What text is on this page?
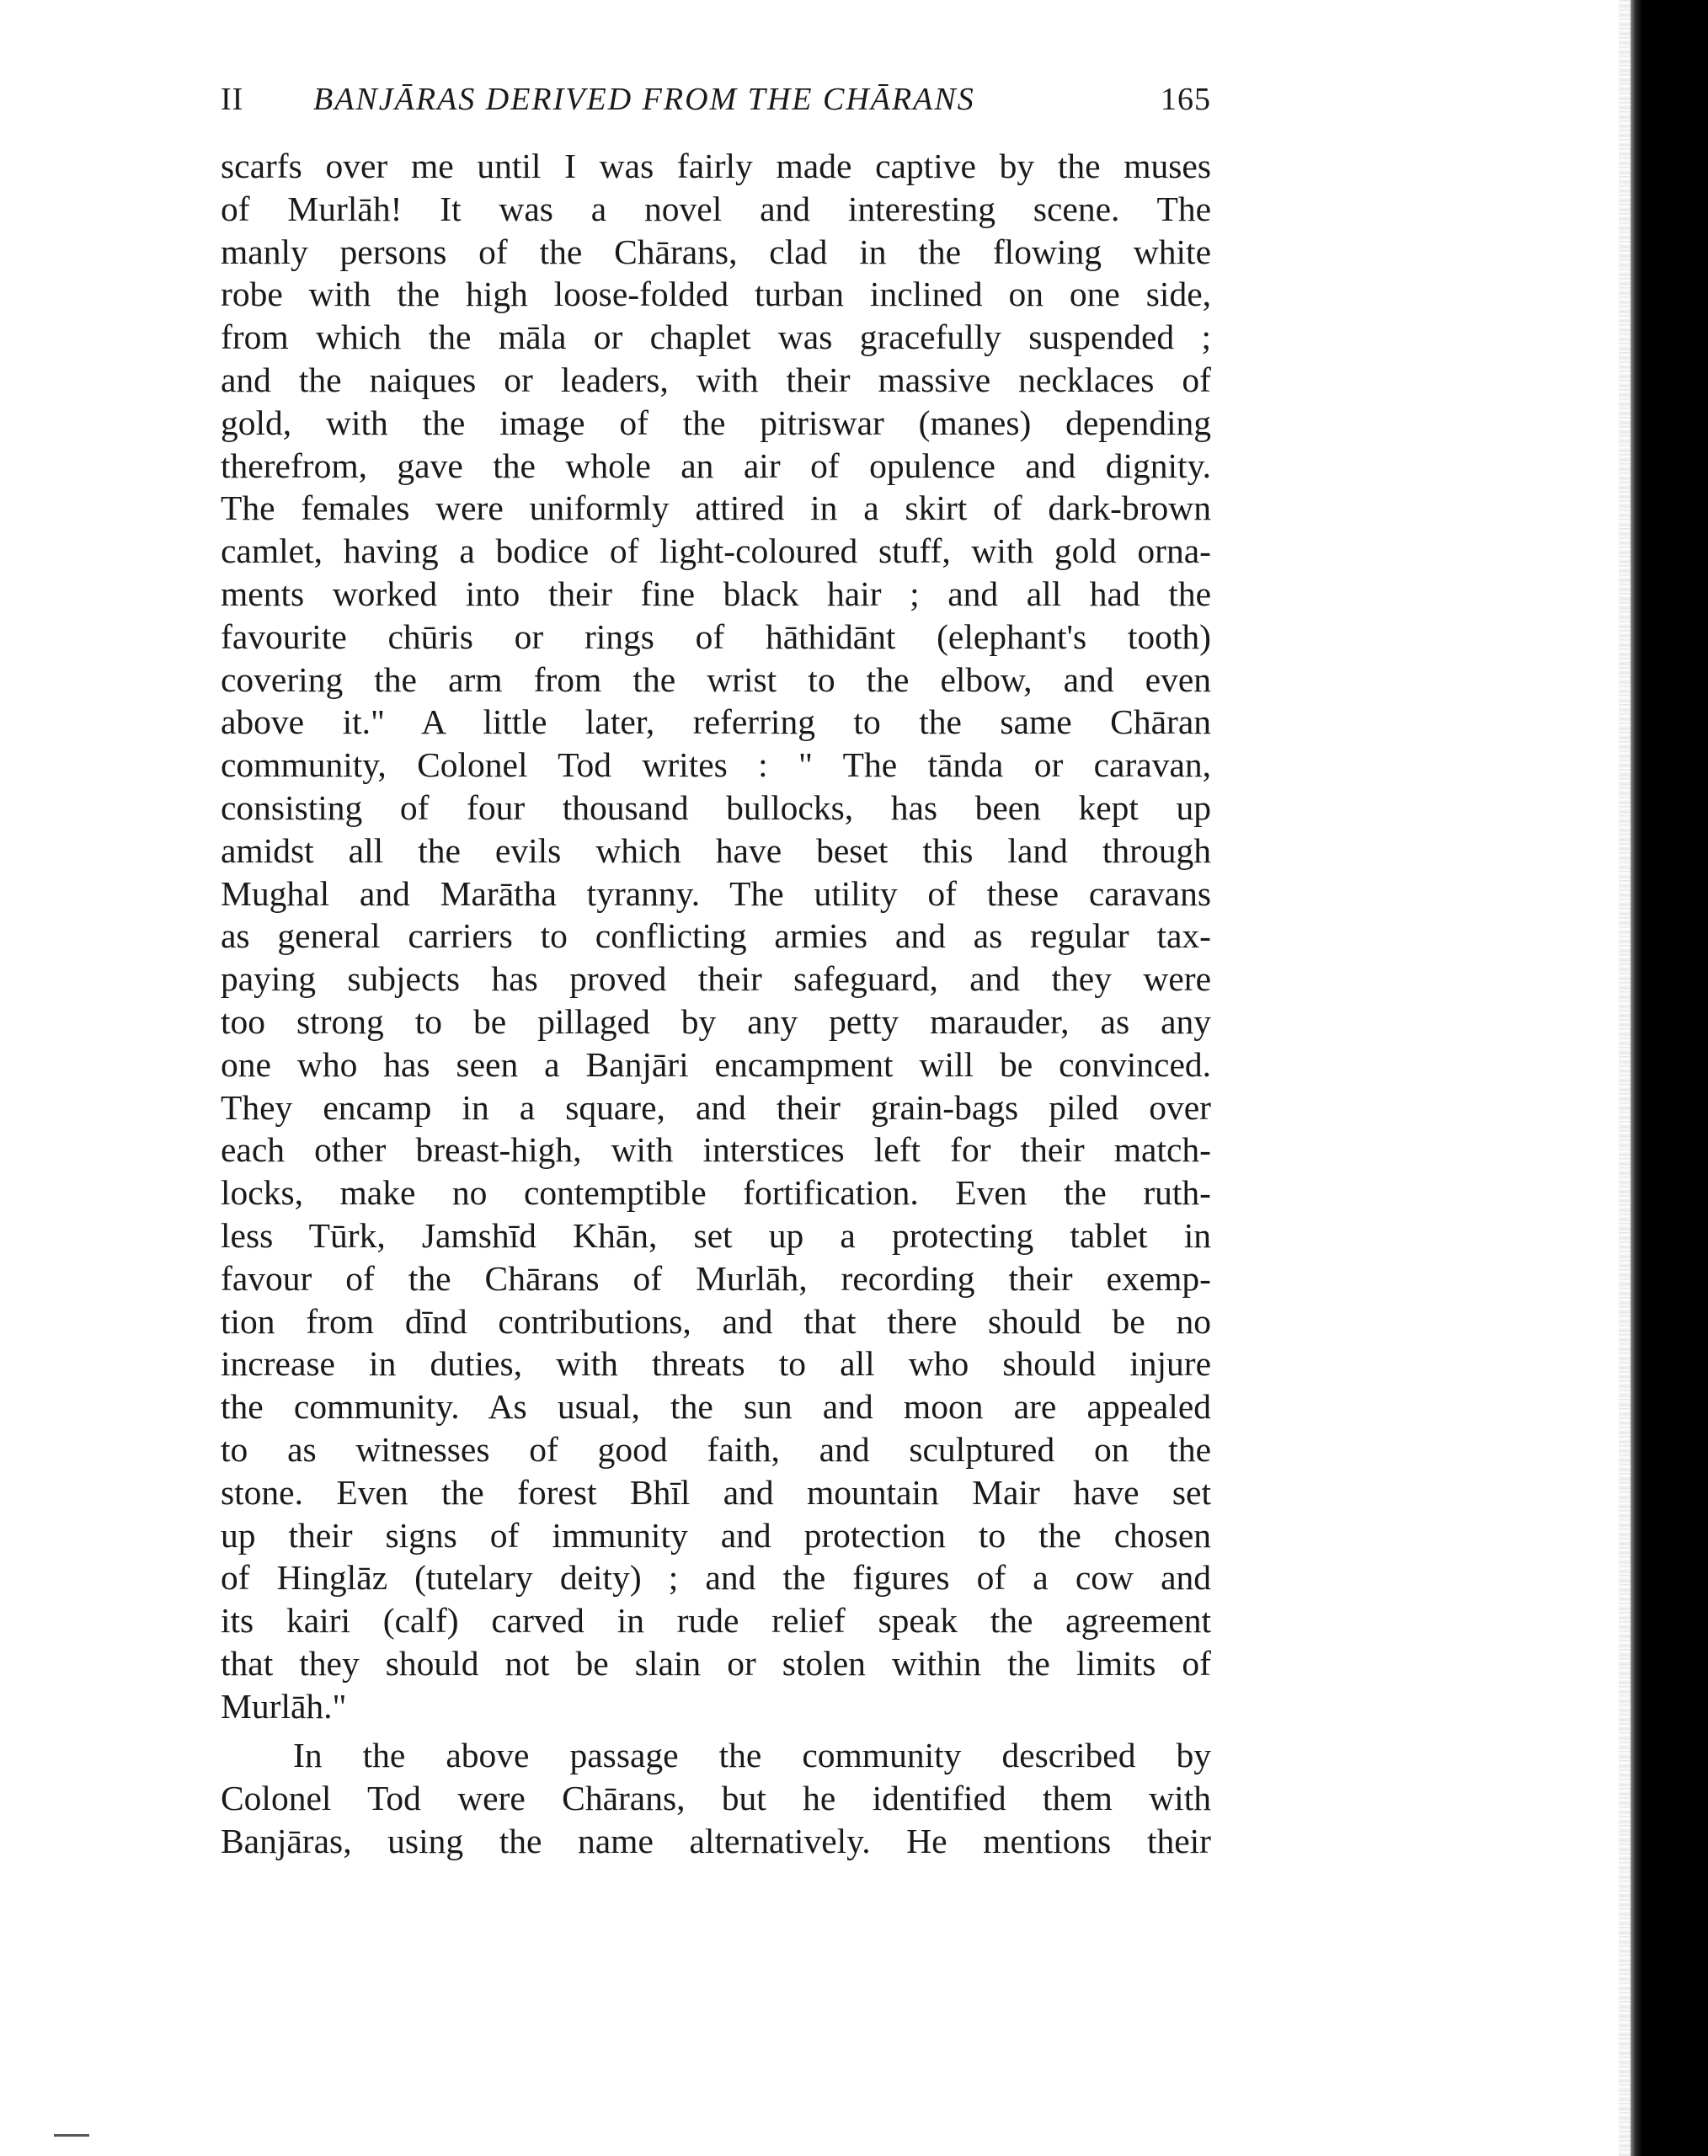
II BANJĀRAS DERIVED FROM THE CHĀRANS	165
scarfs over me until I was fairly made captive by the muses
of Murlāh! It was a novel and interesting scene. The
manly persons of the Chārans, clad in the flowing white
robe with the high loose-folded turban inclined on one side,
from which the māla or chaplet was gracefully suspended ;
and the naiques or leaders, with their massive necklaces of
gold, with the image of the pitriswar (manes) depending
therefrom, gave the whole an air of opulence and dignity.
The females were uniformly attired in a skirt of dark-brown
camlet, having a bodice of light-coloured stuff, with gold orna-
ments worked into their fine black hair ; and all had the
favourite chūris or rings of hāthidānt (elephant's tooth)
covering the arm from the wrist to the elbow, and even
above it." A little later, referring to the same Chāran
community, Colonel Tod writes : " The tānda or caravan,
consisting of four thousand bullocks, has been kept up
amidst all the evils which have beset this land through
Mughal and Marātha tyranny. The utility of these caravans
as general carriers to conflicting armies and as regular tax-
paying subjects has proved their safeguard, and they were
too strong to be pillaged by any petty marauder, as any
one who has seen a Banjāri encampment will be convinced.
They encamp in a square, and their grain-bags piled over
each other breast-high, with interstices left for their match-
locks, make no contemptible fortification. Even the ruth-
less Tūrk, Jamshīd Khān, set up a protecting tablet in
favour of the Chārans of Murlāh, recording their exemp-
tion from dīnd contributions, and that there should be no
increase in duties, with threats to all who should injure
the community. As usual, the sun and moon are appealed
to as witnesses of good faith, and sculptured on the
stone. Even the forest Bhīl and mountain Mair have set
up their signs of immunity and protection to the chosen
of Hinglāz (tutelary deity) ; and the figures of a cow and
its kairi (calf) carved in rude relief speak the agreement
that they should not be slain or stolen within the limits of
Murlāh."
In the above passage the community described by
Colonel Tod were Chārans, but he identified them with
Banjāras, using the name alternatively. He mentions their
